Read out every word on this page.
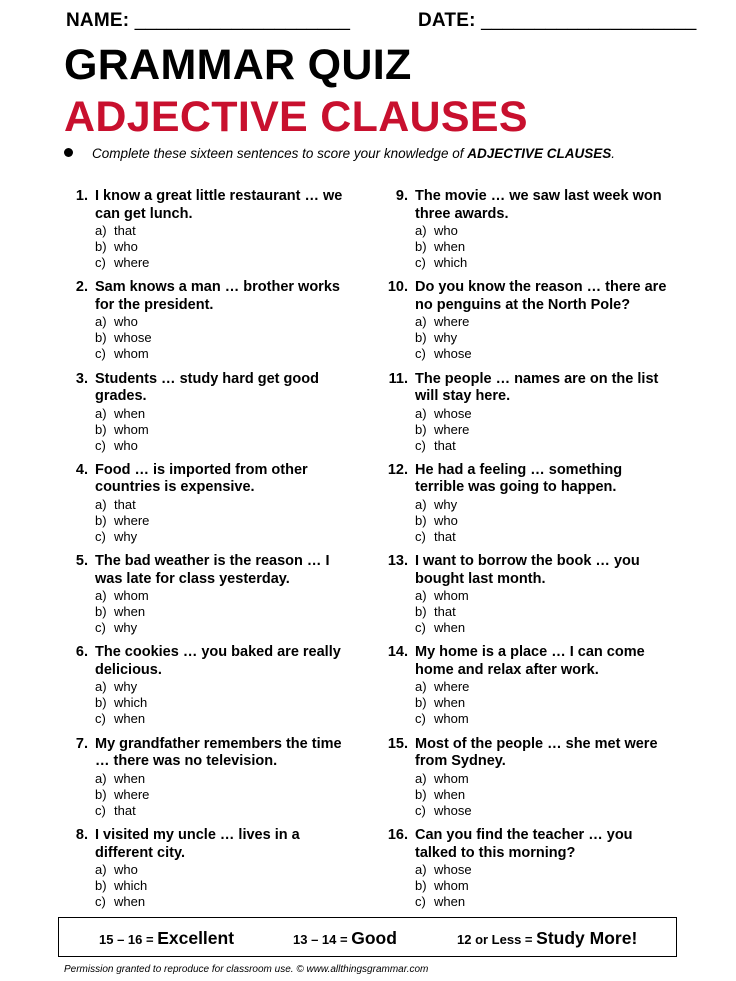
NAME: ____________________	DATE: ____________________
GRAMMAR QUIZ
ADJECTIVE CLAUSES
Complete these sixteen sentences to score your knowledge of ADJECTIVE CLAUSES.
1. I know a great little restaurant … we can get lunch.
a) that
b) who
c) where
2. Sam knows a man … brother works for the president.
a) who
b) whose
c) whom
3. Students … study hard get good grades.
a) when
b) whom
c) who
4. Food … is imported from other countries is expensive.
a) that
b) where
c) why
5. The bad weather is the reason … I was late for class yesterday.
a) whom
b) when
c) why
6. The cookies … you baked are really delicious.
a) why
b) which
c) when
7. My grandfather remembers the time … there was no television.
a) when
b) where
c) that
8. I visited my uncle … lives in a different city.
a) who
b) which
c) when
9. The movie … we saw last week won three awards.
a) who
b) when
c) which
10. Do you know the reason … there are no penguins at the North Pole?
a) where
b) why
c) whose
11. The people … names are on the list will stay here.
a) whose
b) where
c) that
12. He had a feeling … something terrible was going to happen.
a) why
b) who
c) that
13. I want to borrow the book … you bought last month.
a) whom
b) that
c) when
14. My home is a place … I can come home and relax after work.
a) where
b) when
c) whom
15. Most of the people … she met were from Sydney.
a) whom
b) when
c) whose
16. Can you find the teacher … you talked to this morning?
a) whose
b) whom
c) when
15 – 16 = Excellent	13 – 14 = Good	12 or Less = Study More!
Permission granted to reproduce for classroom use. © www.allthingsgrammar.com
